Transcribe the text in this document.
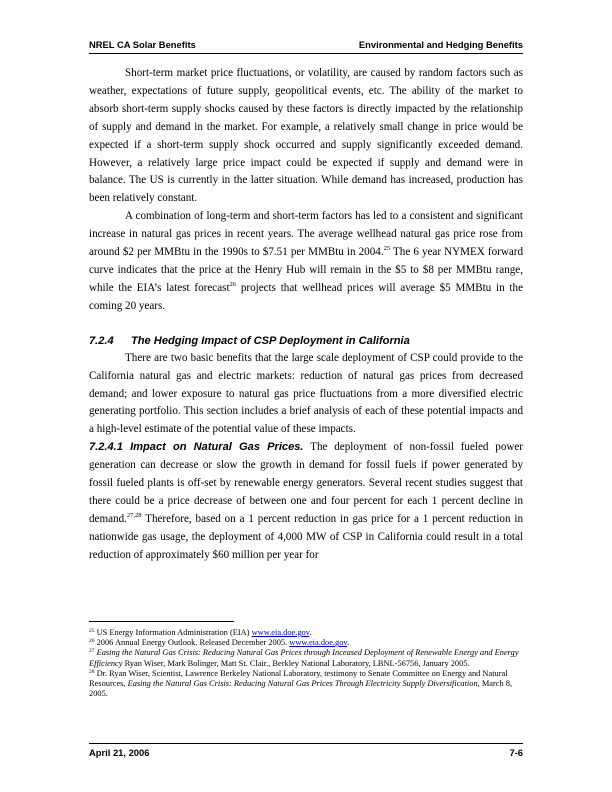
NREL CA Solar Benefits	Environmental and Hedging Benefits

Short-term market price fluctuations, or volatility, are caused by random factors such as weather, expectations of future supply, geopolitical events, etc. The ability of the market to absorb short-term supply shocks caused by these factors is directly impacted by the relationship of supply and demand in the market. For example, a relatively small change in price would be expected if a short-term supply shock occurred and supply significantly exceeded demand. However, a relatively large price impact could be expected if supply and demand were in balance. The US is currently in the latter situation. While demand has increased, production has been relatively constant.

A combination of long-term and short-term factors has led to a consistent and significant increase in natural gas prices in recent years. The average wellhead natural gas price rose from around $2 per MMBtu in the 1990s to $7.51 per MMBtu in 2004.25 The 6 year NYMEX forward curve indicates that the price at the Henry Hub will remain in the $5 to $8 per MMBtu range, while the EIA’s latest forecast$^{26}$ projects that wellhead prices will average $5 MMBtu in the coming 20 years.

7.2.4 The Hedging Impact of CSP Deployment in California

There are two basic benefits that the large scale deployment of CSP could provide to the California natural gas and electric markets: reduction of natural gas prices from decreased demand; and lower exposure to natural gas price fluctuations from a more diversified electric generating portfolio. This section includes a brief analysis of each of these potential impacts and a high-level estimate of the potential value of these impacts.

7.2.4.1 Impact on Natural Gas Prices. The deployment of non-fossil fueled power generation can decrease or slow the growth in demand for fossil fuels if power generated by fossil fueled plants is off-set by renewable energy generators. Several recent studies suggest that there could be a price decrease of between one and four percent for each 1 percent decline in demand.$^{27,28}$ Therefore, based on a 1 percent reduction in gas price for a 1 percent reduction in nationwide gas usage, the deployment of 4,000 MW of CSP in California could result in a total reduction of approximately $60 million per year for

$^{25}$ US Energy Information Administration (EIA) www.eia.doe.gov.
$^{26}$ 2006 Annual Energy Outlook. Released December 2005. www.eia.doe.gov.
$^{27}$ Easing the Natural Gas Crisis: Reducing Natural Gas Prices through Inceased Deployment of Renewable Energy and Energy Efficiency Ryan Wiser, Mark Bolinger, Matt St. Clair., Berkley National Laboratory, LBNL-56756, January 2005.
$^{28}$ Dr. Ryan Wiser, Scientist, Lawrence Berkeley National Laboratory, testimony to Senate Committee on Energy and Natural Resources, Easing the Natural Gas Crisis: Reducing Natural Gas Prices Through Electricity Supply Diversification, March 8, 2005.
April 21, 2006	7-6
